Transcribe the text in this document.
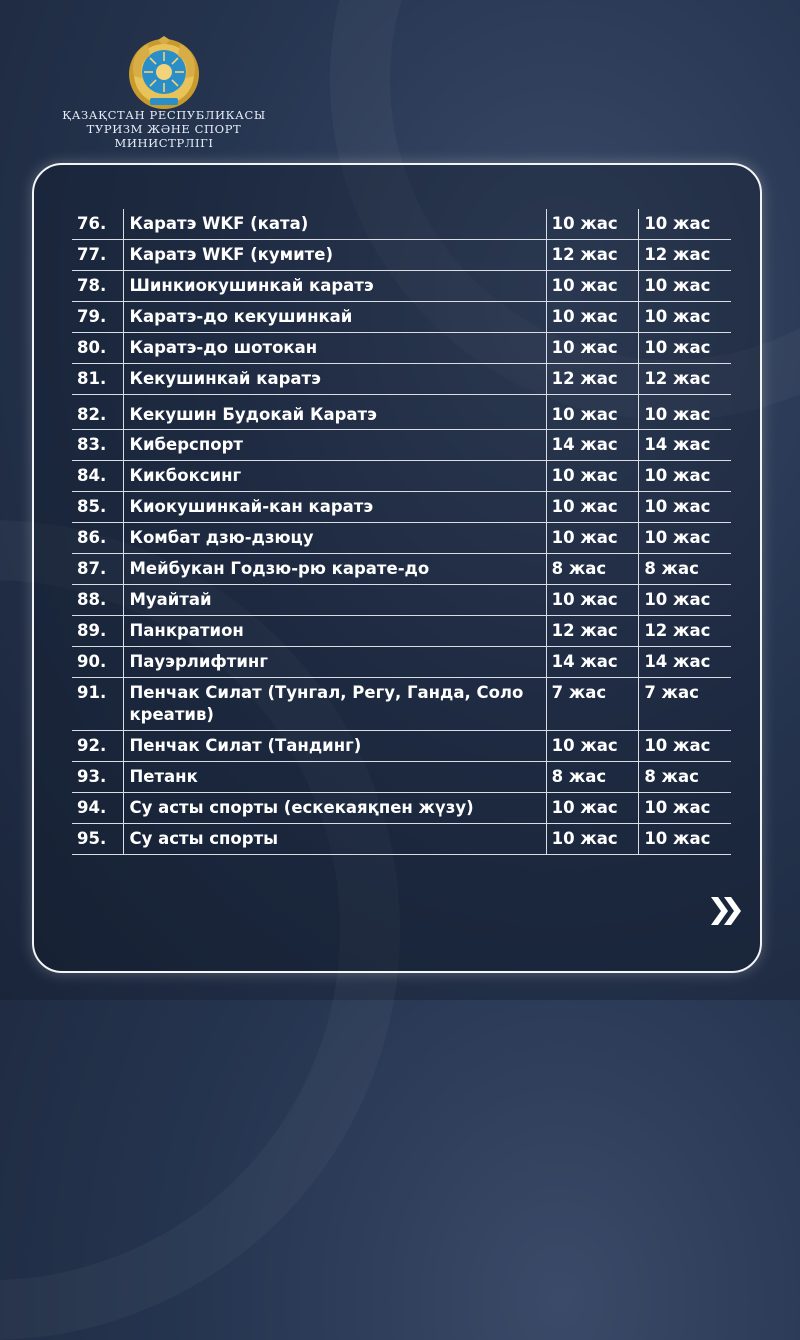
ҚАЗАҚСТАН РЕСПУБЛИКАСЫ
ТУРИЗМ ЖӘНЕ СПОРТ МИНИСТРЛІГІ
76.	Каратэ WKF (ката)	10 жас	10 жас
77.	Каратэ WKF (кумите)	12 жас	12 жас
78.	Шинкиокушинкай каратэ	10 жас	10 жас
79.	Каратэ-до кекушинкай	10 жас	10 жас
80.	Каратэ-до шотокан	10 жас	10 жас
81.	Кекушинкай каратэ	12 жас	12 жас
82.	Кекушин Будокай Каратэ	10 жас	10 жас
83.	Киберспорт	14 жас	14 жас
84.	Кикбоксинг	10 жас	10 жас
85.	Киокушинкай-кан каратэ	10 жас	10 жас
86.	Комбат дзю-дзюцу	10 жас	10 жас
87.	Мейбукан Годзю-рю карате-до	8 жас	8 жас
88.	Муайтай	10 жас	10 жас
89.	Панкратион	12 жас	12 жас
90.	Пауэрлифтинг	14 жас	14 жас
91.	Пенчак Силат (Тунгал, Регу, Ганда, Соло креатив)	7 жас	7 жас
92.	Пенчак Силат (Тандинг)	10 жас	10 жас
93.	Петанк	8 жас	8 жас
94.	Су асты спорты (ескекаяқпен жүзу)	10 жас	10 жас
95.	Су асты спорты	10 жас	10 жас
